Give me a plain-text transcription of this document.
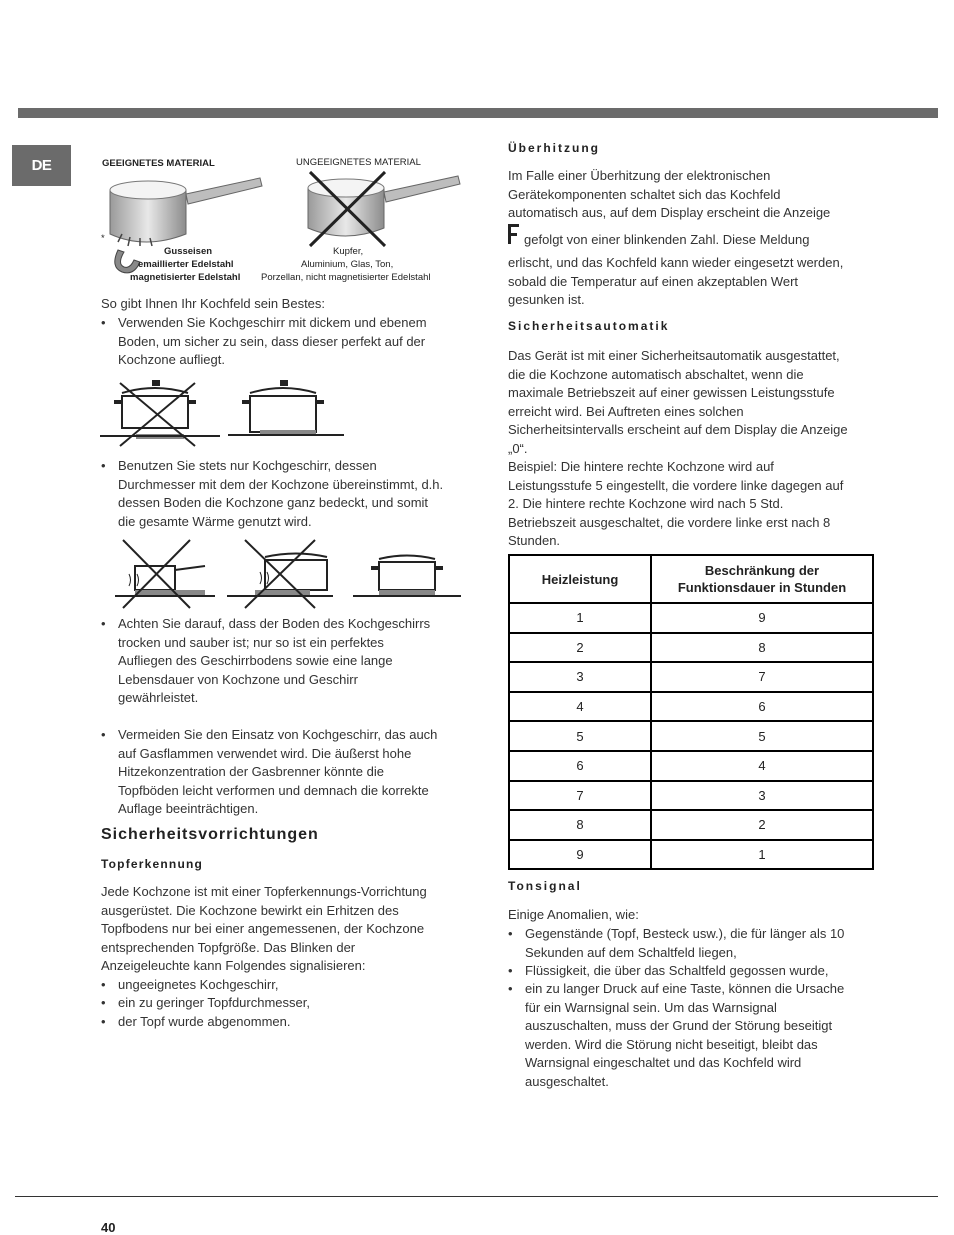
DE	GEEIGNETES MATERIAL	UNGEEIGNETES MATERIAL
*
Gusseisen
emaillierter Edelstahl
magnetisierter Edelstahl
Kupfer,
Aluminium, Glas, Ton,
Porzellan, nicht magnetisierter Edelstahl
So gibt Ihnen Ihr Kochfeld sein Bestes:
• Verwenden Sie Kochgeschirr mit dickem und ebenem
Boden, um sicher zu sein, dass dieser perfekt auf der
Kochzone aufliegt.
• Benutzen Sie stets nur Kochgeschirr, dessen
Durchmesser mit dem der Kochzone übereinstimmt, d.h.
dessen Boden die Kochzone ganz bedeckt, und somit
die gesamte Wärme genutzt wird.
• Achten Sie darauf, dass der Boden des Kochgeschirrs
trocken und sauber ist; nur so ist ein perfektes
Aufliegen des Geschirrbodens sowie eine lange
Lebensdauer von Kochzone und Geschirr
gewährleistet.
• Vermeiden Sie den Einsatz von Kochgeschirr, das auch
auf Gasflammen verwendet wird. Die äußerst hohe
Hitzekonzentration der Gasbrenner könnte die
Topfböden leicht verformen und demnach die korrekte
Auflage beeinträchtigen.
Sicherheitsvorrichtungen
Topferkennung
Jede Kochzone ist mit einer Topferkennungs-Vorrichtung
ausgerüstet. Die Kochzone bewirkt ein Erhitzen des
Topfbodens nur bei einer angemessenen, der Kochzone
entsprechenden Topfgröße. Das Blinken der
Anzeigeleuchte kann Folgendes signalisieren:
• ungeeignetes Kochgeschirr,
• ein zu geringer Topfdurchmesser,
• der Topf wurde abgenommen.
Überhitzung
Im Falle einer Überhitzung der elektronischen
Gerätekomponenten schaltet sich das Kochfeld
automatisch aus, auf dem Display erscheint die Anzeige
gefolgt von einer blinkenden Zahl. Diese Meldung
erlischt, und das Kochfeld kann wieder eingesetzt werden,
sobald die Temperatur auf einen akzeptablen Wert
gesunken ist.
Sicherheitsautomatik
Das Gerät ist mit einer Sicherheitsautomatik ausgestattet,
die die Kochzone automatisch abschaltet, wenn die
maximale Betriebszeit auf einer gewissen Leistungsstufe
erreicht wird. Bei Auftreten eines solchen
Sicherheitsintervalls erscheint auf dem Display die Anzeige
„0“.
Beispiel: Die hintere rechte Kochzone wird auf
Leistungsstufe 5 eingestellt, die vordere linke dagegen auf
2. Die hintere rechte Kochzone wird nach 5 Std.
Betriebszeit ausgeschaltet, die vordere linke erst nach 8
Stunden.
Heizleistung	Beschränkung der
Funktionsdauer in Stunden

1	9
2	8
3	7
4	6
5	5
6	4
7	3
8	2
9	1
Tonsignal
Einige Anomalien, wie:
• Gegenstände (Topf, Besteck usw.), die für länger als 10
Sekunden auf dem Schaltfeld liegen,
• Flüssigkeit, die über das Schaltfeld gegossen wurde,
• ein zu langer Druck auf eine Taste, können die Ursache
für ein Warnsignal sein. Um das Warnsignal
auszuschalten, muss der Grund der Störung beseitigt
werden. Wird die Störung nicht beseitigt, bleibt das
Warnsignal eingeschaltet und das Kochfeld wird
ausgeschaltet.
40
